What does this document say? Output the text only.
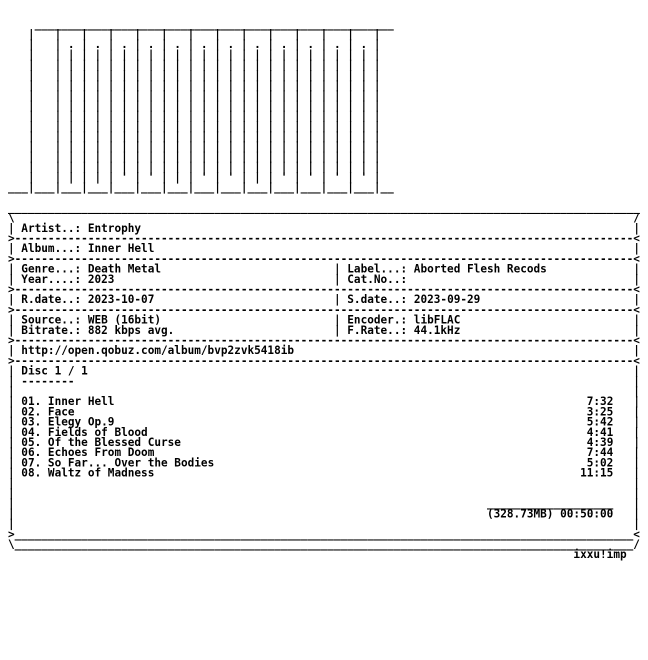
______________________________________________________
|   |   |   |   |   |   |   |   |   |   |   |   |   |
|   | . | . | . | . | . | . | . | . | . | . | . | . |
|   | | | | | | | | | | | | | | | | | | | | | | | | |
|   | | | | | | | | | | | | | | | | | | | | | | | | |
|   | | | | | | | | | | | | | | | | | | | | | | | | |
|   | | | | | | | | | | | | | | | | | | | | | | | | |
|   | | | | | | | | | | | | | | | | | | | | | | | | |
|   | | | | | | | | | | | | | | | | | | | | | | | | |
|   | | | | | | | | | | | | | | | | | | | | | | | | |
|   | | | | | | | | | | | | | | | | | | | | | | | | |
|   | | | | | | | | | | | | | | | | | | | | | | | | |
|   | | | | | | | | | | | | | | | | | | | | | | | | |
|   | | | | | | | | | | | | | | | | | | | | | | | | |
|   | | | | | | | | | | | | | | | | | | | | | | | | |
|   | | | | | ' | ' | | | ' | ' | | | ' | ' | ' | ' |
___|___|___|___|___|___|___|___|___|___|___|___|___|___|__

_______________________________________________________________________________________________
\                                                                                             /
| Artist..: Entrophy	|
>---------------------------------------------------------------------------------------------<
| Album...: Inner Hell	|
>---------------------------------------------------------------------------------------------<
| Genre...: Death Metal	| Label...: Aborted Flesh Recods	|
| Year....: 2023	| Cat.No..:	|
>---------------------------------------------------------------------------------------------<
| R.date..: 2023-10-07	| S.date..: 2023-09-29	|
>---------------------------------------------------------------------------------------------<
| Source..: WEB (16bit)	| Encoder.: libFLAC	|
| Bitrate.: 882 kbps avg.	| F.Rate..: 44.1kHz	|
>---------------------------------------------------------------------------------------------<
| http://open.qobuz.com/album/bvp2zvk5418ib	|
>---------------------------------------------------------------------------------------------<
| Disc 1 / 1	|
| --------	|
|	|
| 01. Inner Hell	7:32   |
| 02. Face	3:25   |
| 03. Elegy Op.9	5:42   |
| 04. Fields of Blood	4:41   |
| 05. Of the Blessed Curse	4:39   |
| 06. Echoes From Doom	7:44   |
| 07. So Far... Over the Bodies	5:02   |
| 08. Waltz of Madness	11:15   |
|	|
|	|
|	___________________   |
|	(328.73MB) 00:50:00   |
|	|
>_____________________________________________________________________________________________<
\_____________________________________________________________________________________________/
ixxu!imp
